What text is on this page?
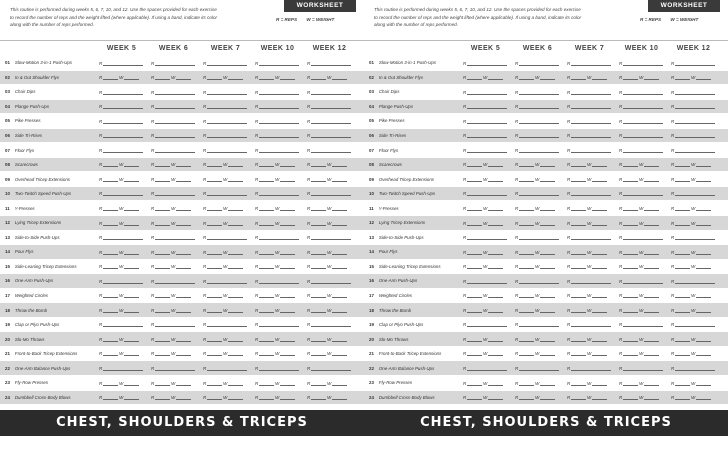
WORKSHEET
This routine is performed during weeks 5, 6, 7, 10, and 12. Use the spaces provided for each exercise to record the number of reps and the weight lifted (where applicable). If using a band, indicate its color along with the number of reps performed.
R = REPS W = WEIGHT
WEEK 5	WEEK 6	WEEK 7	WEEK 10	WEEK 12
01 Slow-Motion 3-in-1 Push-Ups	R	R	R	R	R
02 In & Out Shoulder Flys	R	W	R	W	R	W	R	W	R	W
03 Chair Dips	R	R	R	R	R
04 Plange Push-Ups	R	R	R	R	R
05 Pike Presses	R	R	R	R	R
06 Side Tri-Rises	R	R	R	R	R
07 Floor Flys	R	R	R	R	R
08 Scarecrows	R	W	R	W	R	W	R	W	R	W
09 Overhead Tricep Extensions	R	W	R	W	R	W	R	W	R	W
10 Two-Twitch Speed Push-Ups	R	R	R	R	R
11 Y-Presses	R	W	R	W	R	W	R	W	R	W
12 Lying Tricep Extensions	R	W	R	W	R	W	R	W	R	W
13 Side-to-Side Push-Ups	R	R	R	R	R
14 Pour Flys	R	W	R	W	R	W	R	W	R	W
15 Side-Leaning Tricep Extensions	R	W	R	W	R	W	R	W	R	W
16 One-Arm Push-Ups	R	R	R	R	R
17 Weighted Circles	R	W	R	W	R	W	R	W	R	W
18 Throw the Bomb	R	W	R	W	R	W	R	W	R	W
19 Clap or Plyo Push-Ups	R	R	R	R	R
20 Slo-Mo Throws	R	W	R	W	R	W	R	W	R	W
21 Front-to-Back Tricep Extensions	R	W	R	W	R	W	R	W	R	W
22 One-Arm Balance Push-Ups	R	R	R	R	R
23 Fly-Row Presses	R	W	R	W	R	W	R	W	R	W
24 Dumbbell Cross-Body Blows	R	W	R	W	R	W	R	W	R	W
CHEST, SHOULDERS & TRICEPS
WORKSHEET
This routine is performed during weeks 5, 6, 7, 10, and 12. Use the spaces provided for each exercise to record the number of reps and the weight lifted (where applicable). If using a band, indicate its color along with the number of reps performed.
R = REPS W = WEIGHT
WEEK 5	WEEK 6	WEEK 7	WEEK 10	WEEK 12
01 Slow-Motion 3-in-1 Push-Ups	R	R	R	R	R
02 In & Out Shoulder Flys	R	W	R	W	R	W	R	W	R	W
03 Chair Dips	R	R	R	R	R
04 Plange Push-Ups	R	R	R	R	R
05 Pike Presses	R	R	R	R	R
06 Side Tri-Rises	R	R	R	R	R
07 Floor Flys	R	R	R	R	R
08 Scarecrows	R	W	R	W	R	W	R	W	R	W
09 Overhead Tricep Extensions	R	W	R	W	R	W	R	W	R	W
10 Two-Twitch Speed Push-Ups	R	R	R	R	R
11 Y-Presses	R	W	R	W	R	W	R	W	R	W
12 Lying Tricep Extensions	R	W	R	W	R	W	R	W	R	W
13 Side-to-Side Push-Ups	R	R	R	R	R
14 Pour Flys	R	W	R	W	R	W	R	W	R	W
15 Side-Leaning Tricep Extensions	R	W	R	W	R	W	R	W	R	W
16 One-Arm Push-Ups	R	R	R	R	R
17 Weighted Circles	R	W	R	W	R	W	R	W	R	W
18 Throw the Bomb	R	W	R	W	R	W	R	W	R	W
19 Clap or Plyo Push-Ups	R	R	R	R	R
20 Slo-Mo Throws	R	W	R	W	R	W	R	W	R	W
21 Front-to-Back Tricep Extensions	R	W	R	W	R	W	R	W	R	W
22 One-Arm Balance Push-Ups	R	R	R	R	R
23 Fly-Row Presses	R	W	R	W	R	W	R	W	R	W
24 Dumbbell Cross-Body Blows	R	W	R	W	R	W	R	W	R	W
CHEST, SHOULDERS & TRICEPS
